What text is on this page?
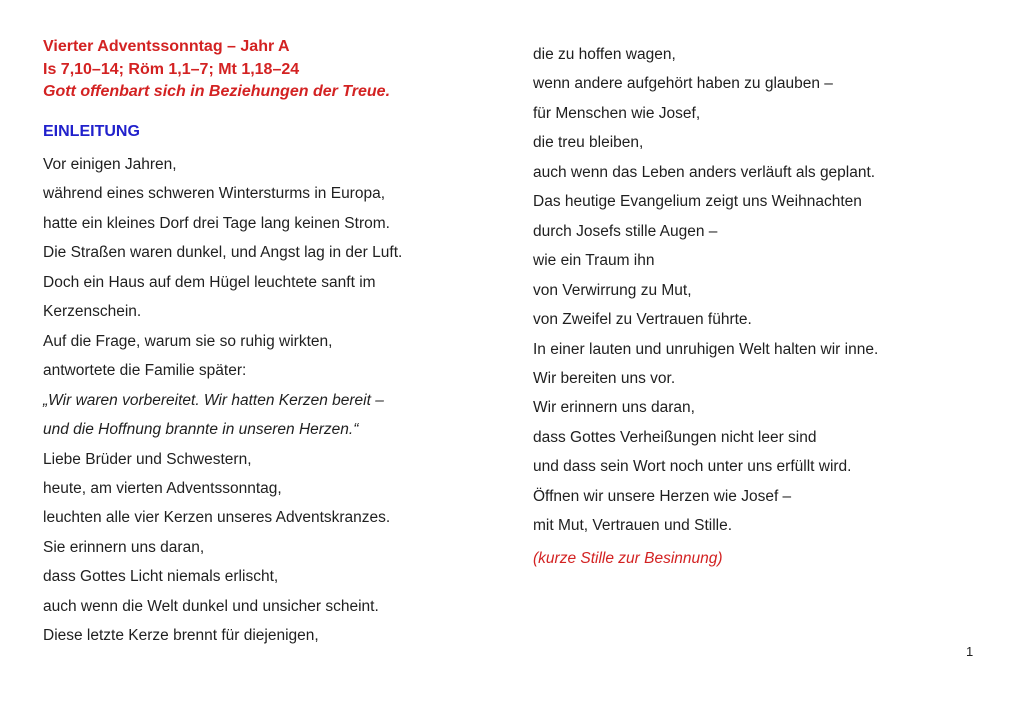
Vierter Adventssonntag – Jahr A
Is 7,10–14; Röm 1,1–7; Mt 1,18–24
Gott offenbart sich in Beziehungen der Treue.
EINLEITUNG
Vor einigen Jahren,
während eines schweren Wintersturms in Europa,
hatte ein kleines Dorf drei Tage lang keinen Strom.
Die Straßen waren dunkel, und Angst lag in der Luft.
Doch ein Haus auf dem Hügel leuchtete sanft im
Kerzenschein.
Auf die Frage, warum sie so ruhig wirkten,
antwortete die Familie später:
„Wir waren vorbereitet. Wir hatten Kerzen bereit –
und die Hoffnung brannte in unseren Herzen.“
Liebe Brüder und Schwestern,
heute, am vierten Adventssonntag,
leuchten alle vier Kerzen unseres Adventskranzes.
Sie erinnern uns daran,
dass Gottes Licht niemals erlischt,
auch wenn die Welt dunkel und unsicher scheint.
Diese letzte Kerze brennt für diejenigen,
die zu hoffen wagen,
wenn andere aufgehört haben zu glauben –
für Menschen wie Josef,
die treu bleiben,
auch wenn das Leben anders verläuft als geplant.
Das heutige Evangelium zeigt uns Weihnachten
durch Josefs stille Augen –
wie ein Traum ihn
von Verwirrung zu Mut,
von Zweifel zu Vertrauen führte.
In einer lauten und unruhigen Welt halten wir inne.
Wir bereiten uns vor.
Wir erinnern uns daran,
dass Gottes Verheißungen nicht leer sind
und dass sein Wort noch unter uns erfüllt wird.
Öffnen wir unsere Herzen wie Josef –
mit Mut, Vertrauen und Stille.
(kurze Stille zur Besinnung)
1
